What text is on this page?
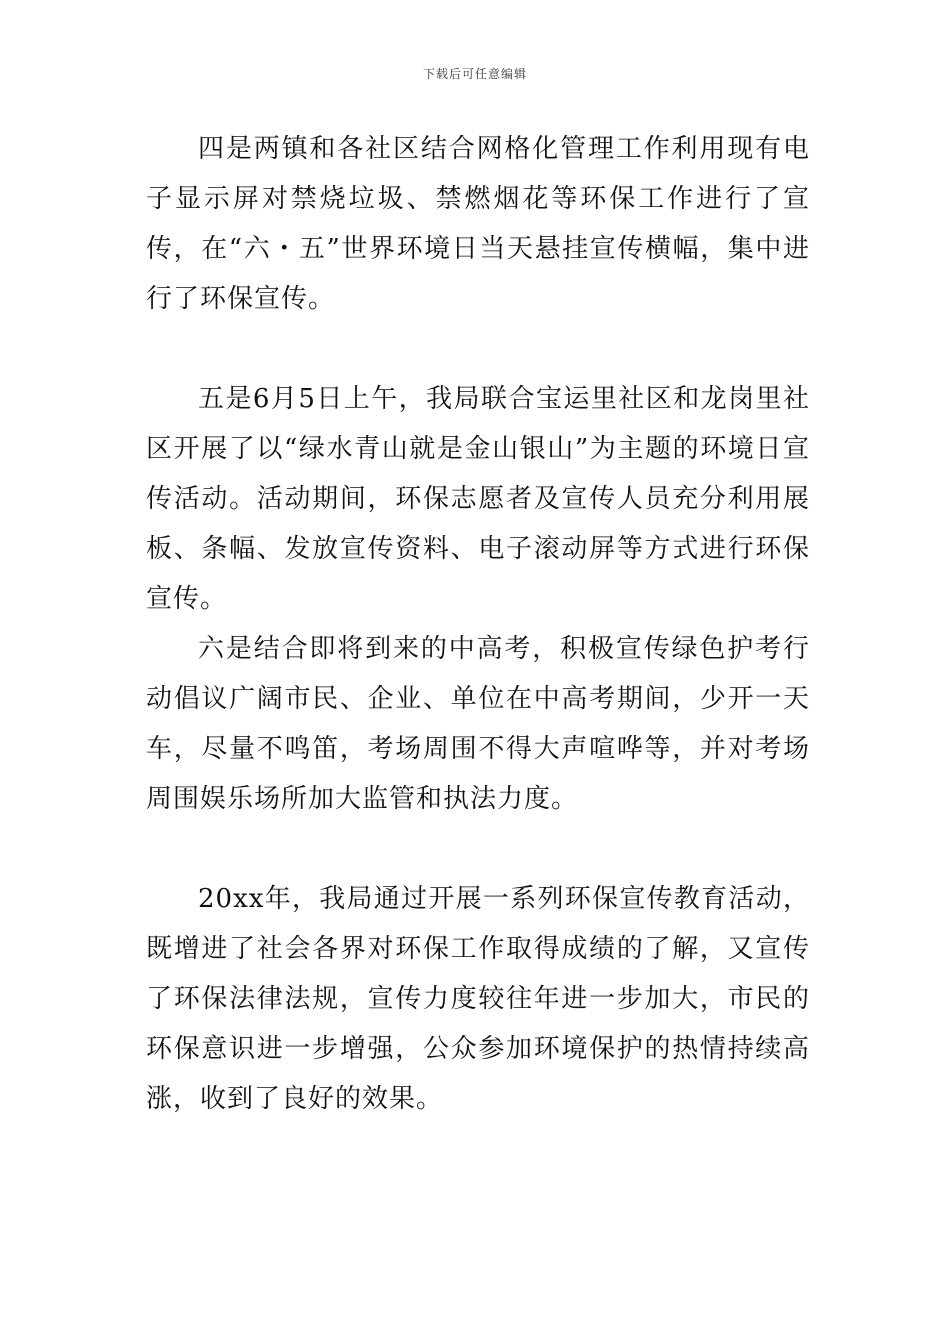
下载后可任意编辑

四是两镇和各社区结合网格化管理工作利用现有电子显示屏对禁烧垃圾、禁燃烟花等环保工作进行了宣传，在“六・五”世界环境日当天悬挂宣传横幅，集中进行了环保宣传。

五是6月5日上午，我局联合宝运里社区和龙岗里社区开展了以“绿水青山就是金山银山”为主题的环境日宣传活动。活动期间，环保志愿者及宣传人员充分利用展板、条幅、发放宣传资料、电子滚动屏等方式进行环保宣传。

六是结合即将到来的中高考，积极宣传绿色护考行动倡议广阔市民、企业、单位在中高考期间，少开一天车，尽量不鸣笛，考场周围不得大声喧哗等，并对考场周围娱乐场所加大监管和执法力度。

20xx年，我局通过开展一系列环保宣传教育活动，既增进了社会各界对环保工作取得成绩的了解，又宣传了环保法律法规，宣传力度较往年进一步加大，市民的环保意识进一步增强，公众参加环境保护的热情持续高涨，收到了良好的效果。
